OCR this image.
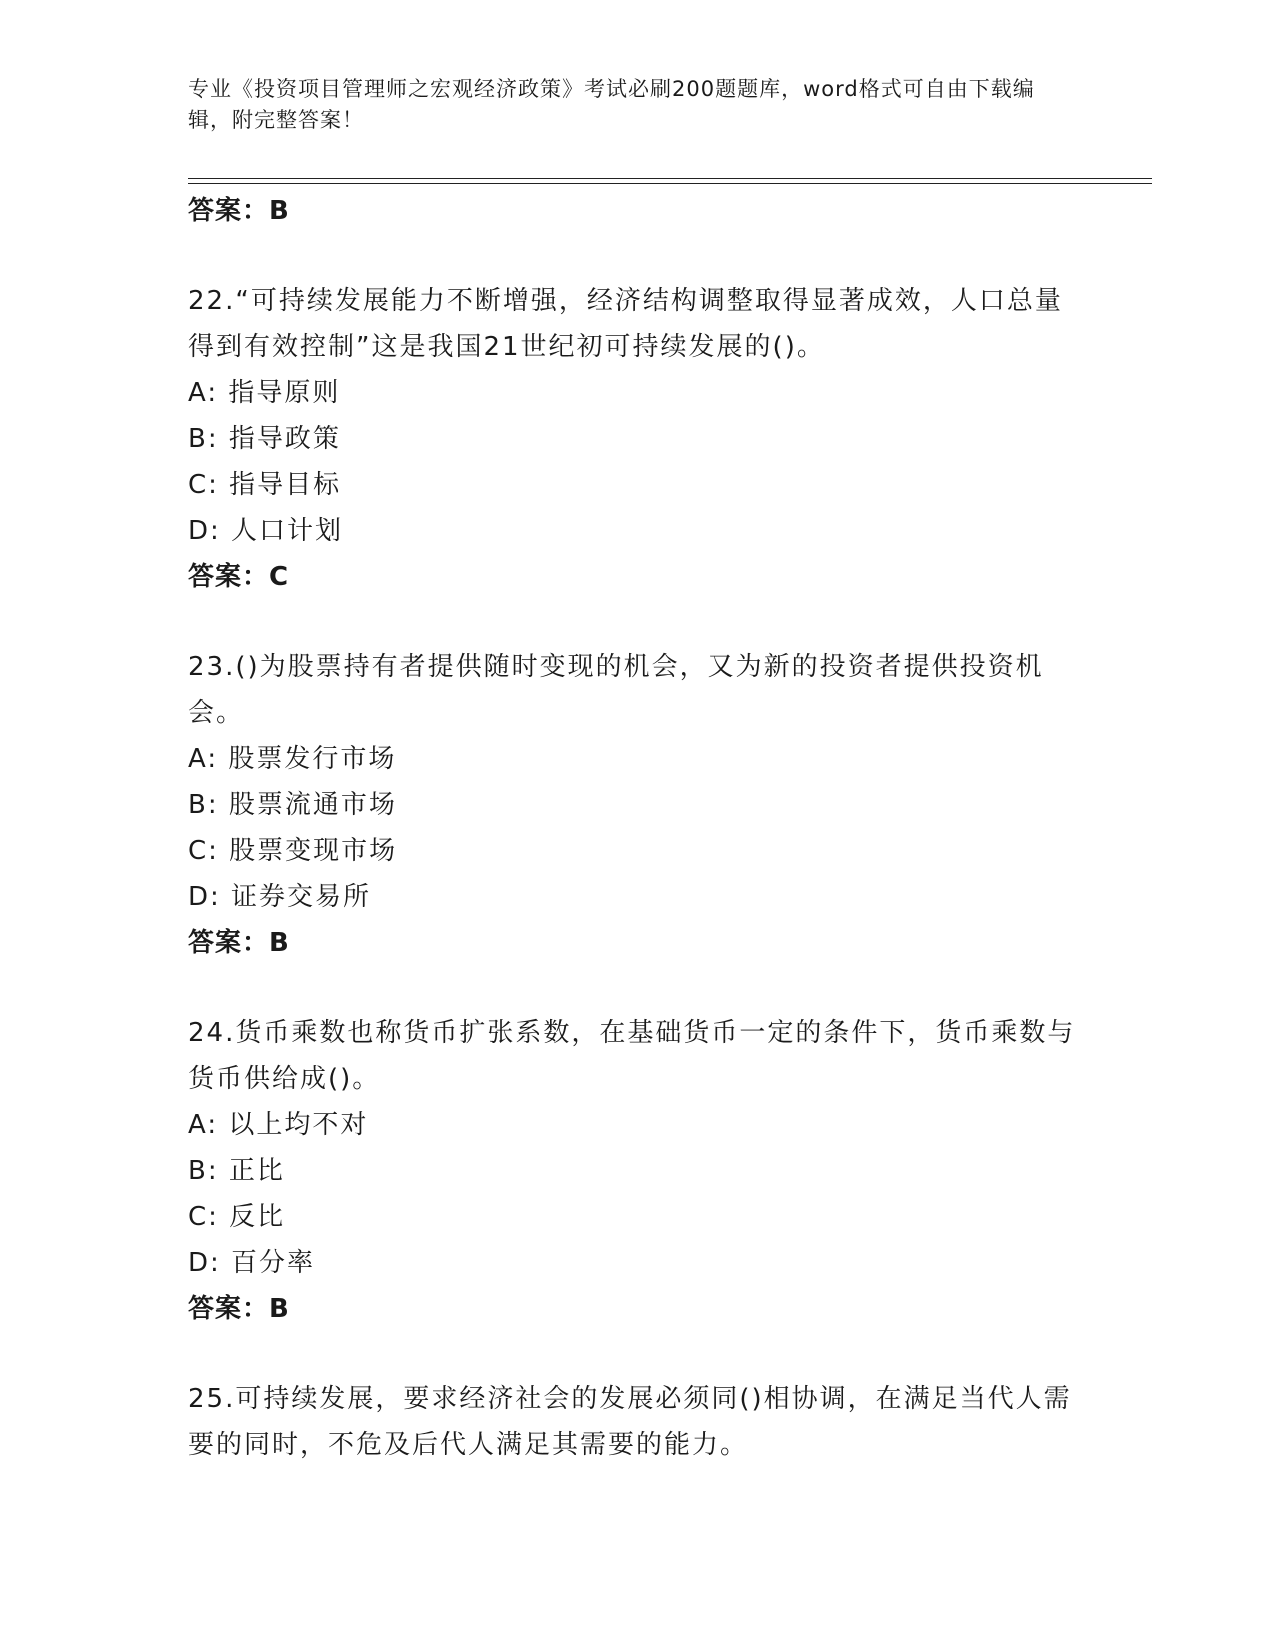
专业《投资项目管理师之宏观经济政策》考试必刷200题题库，word格式可自由下载编辑，附完整答案！
答案：B
22.“可持续发展能力不断增强，经济结构调整取得显著成效，人口总量得到有效控制”这是我国21世纪初可持续发展的()。
A: 指导原则
B: 指导政策
C: 指导目标
D: 人口计划
答案：C
23.()为股票持有者提供随时变现的机会，又为新的投资者提供投资机会。
A: 股票发行市场
B: 股票流通市场
C: 股票变现市场
D: 证券交易所
答案：B
24.货币乘数也称货币扩张系数，在基础货币一定的条件下，货币乘数与货币供给成()。
A: 以上均不对
B: 正比
C: 反比
D: 百分率
答案：B
25.可持续发展，要求经济社会的发展必须同()相协调，在满足当代人需要的同时，不危及后代人满足其需要的能力。
